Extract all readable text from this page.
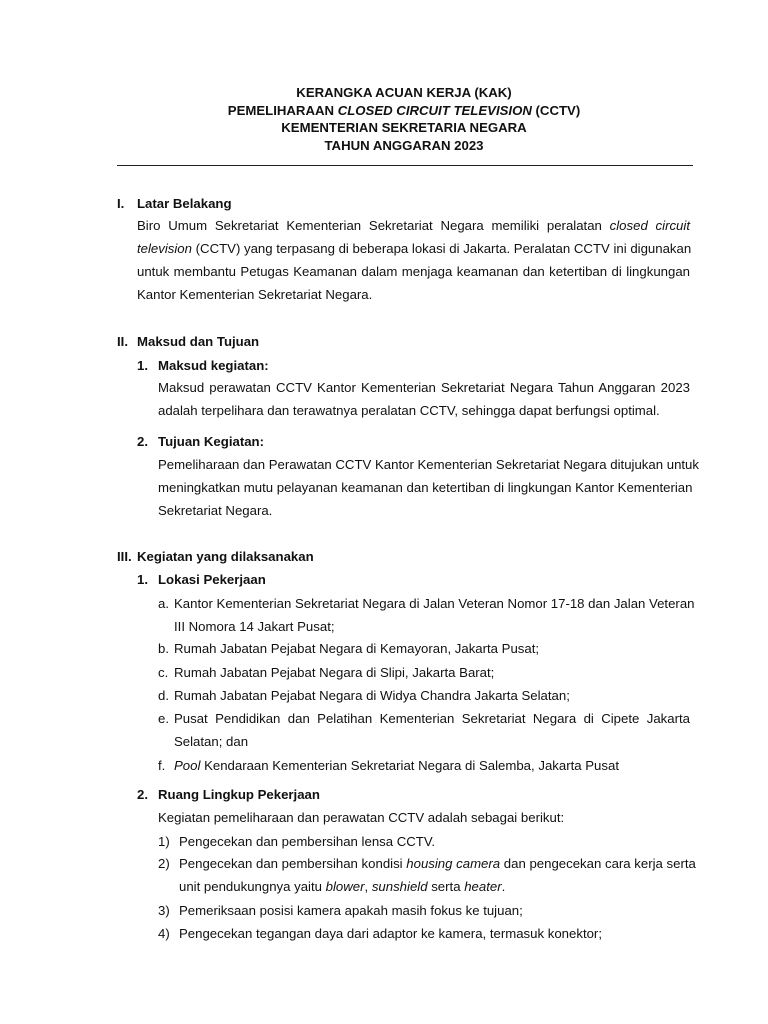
KERANGKA ACUAN KERJA (KAK)
PEMELIHARAAN CLOSED CIRCUIT TELEVISION (CCTV)
KEMENTERIAN SEKRETARIA NEGARA
TAHUN ANGGARAN 2023
I. Latar Belakang
Biro Umum Sekretariat Kementerian Sekretariat Negara memiliki peralatan closed circuit
television (CCTV) yang terpasang di beberapa lokasi di Jakarta. Peralatan CCTV ini digunakan
untuk membantu Petugas Keamanan dalam menjaga keamanan dan ketertiban di lingkungan
Kantor Kementerian Sekretariat Negara.
II. Maksud dan Tujuan
1. Maksud kegiatan:
Maksud perawatan CCTV Kantor Kementerian Sekretariat Negara Tahun Anggaran 2023
adalah terpelihara dan terawatnya peralatan CCTV, sehingga dapat berfungsi optimal.
2. Tujuan Kegiatan:
Pemeliharaan dan Perawatan CCTV Kantor Kementerian Sekretariat Negara ditujukan untuk
meningkatkan mutu pelayanan keamanan dan ketertiban di lingkungan Kantor Kementerian
Sekretariat Negara.
III. Kegiatan yang dilaksanakan
1. Lokasi Pekerjaan
a. Kantor Kementerian Sekretariat Negara di Jalan Veteran Nomor 17-18 dan Jalan Veteran
III Nomora 14 Jakart Pusat;
b. Rumah Jabatan Pejabat Negara di Kemayoran, Jakarta Pusat;
c. Rumah Jabatan Pejabat Negara di Slipi, Jakarta Barat;
d. Rumah Jabatan Pejabat Negara di Widya Chandra Jakarta Selatan;
e. Pusat Pendidikan dan Pelatihan Kementerian Sekretariat Negara di Cipete Jakarta
Selatan; dan
f. Pool Kendaraan Kementerian Sekretariat Negara di Salemba, Jakarta Pusat
2. Ruang Lingkup Pekerjaan
Kegiatan pemeliharaan dan perawatan CCTV adalah sebagai berikut:
1) Pengecekan dan pembersihan lensa CCTV.
2) Pengecekan dan pembersihan kondisi housing camera dan pengecekan cara kerja serta
unit pendukungnya yaitu blower, sunshield serta heater.
3) Pemeriksaan posisi kamera apakah masih fokus ke tujuan;
4) Pengecekan tegangan daya dari adaptor ke kamera, termasuk konektor;
